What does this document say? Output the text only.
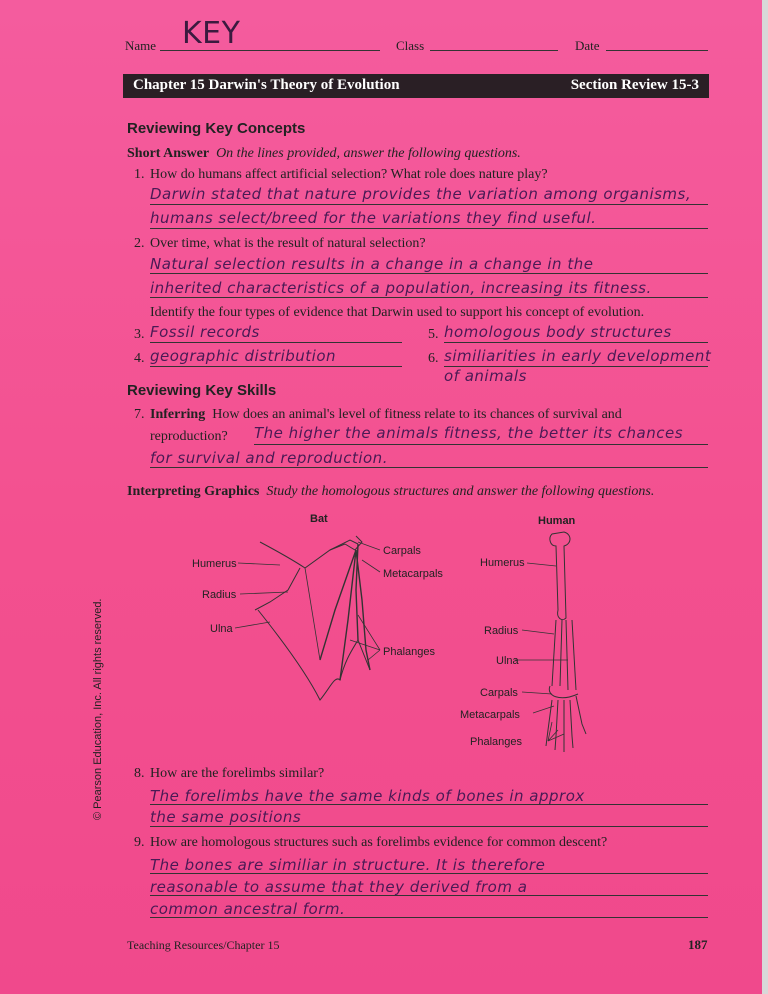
Name KEY	Class	Date
Chapter 15 Darwin's Theory of Evolution	Section Review 15-3
Reviewing Key Concepts
Short Answer On the lines provided, answer the following questions.
1. How do humans affect artificial selection? What role does nature play?
Darwin stated that nature provides the variation among organisms,
humans select/breed for the variations they find useful.
2. Over time, what is the result of natural selection?
Natural selection results in a change in a change in the
inherited characteristics of a population, increasing its fitness.
Identify the four types of evidence that Darwin used to support his concept of evolution.
3. Fossil records	5. homologous body structures
4. geographic distribution	6. similiarities in early development
of animals
Reviewing Key Skills
7. Inferring How does an animal's level of fitness relate to its chances of survival and
reproduction? The higher the animals fitness, the better its chances
for survival and reproduction.
Interpreting Graphics Study the homologous structures and answer the following questions.
Bat	Human
Humerus
Radius
Ulna
Carpals
Metacarpals
Phalanges
Humerus
Radius
Ulna
Carpals
Metacarpals
Phalanges
8. How are the forelimbs similar?
The forelimbs have the same kinds of bones in approx
the same positions
9. How are homologous structures such as forelimbs evidence for common descent?
The bones are similiar in structure. It is therefore
reasonable to assume that they derived from a
common ancestral form.
Teaching Resources/Chapter 15	187
© Pearson Education, Inc. All rights reserved.
